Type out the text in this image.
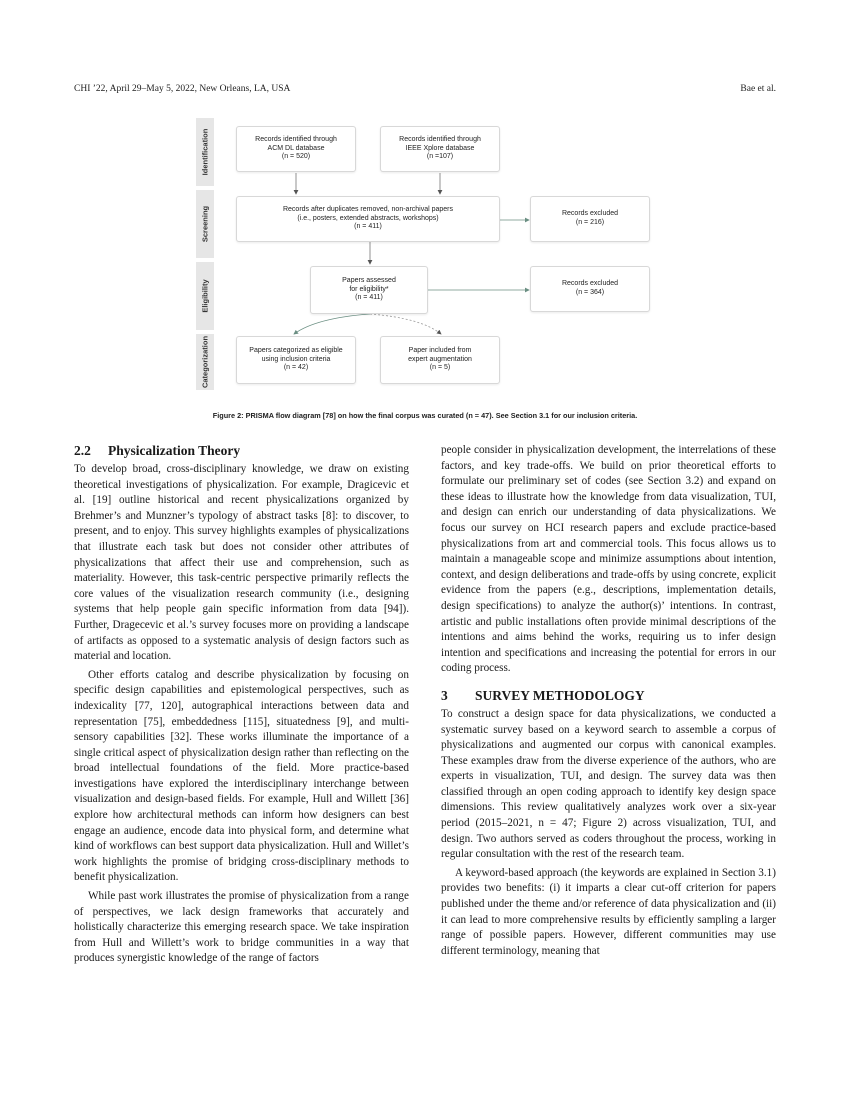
CHI ’22, April 29–May 5, 2022, New Orleans, LA, USA	Bae et al.
Identification
Screening
Eligibility
Categorization
Records identified through
ACM DL database
(n = 520)
Records identified through
IEEE Xplore database
(n =107)
Records after duplicates removed, non-archival papers
(i.e., posters, extended abstracts, workshops)
(n = 411)
Records excluded
(n = 216)
Papers assessed
for eligibility*
(n = 411)
Records excluded
(n = 364)
Papers categorized as eligible
using inclusion criteria
(n = 42)
Paper included from
expert augmentation
(n = 5)
Figure 2: PRISMA flow diagram [78] on how the final corpus was curated (n = 47). See Section 3.1 for our inclusion criteria.
2.2 Physicalization Theory

To develop broad, cross-disciplinary knowledge, we draw on existing theoretical investigations of physicalization. For example, Dragicevic et al. [19] outline historical and recent physicalizations organized by Brehmer’s and Munzner’s typology of abstract tasks [8]: to discover, to present, and to enjoy. This survey highlights examples of physicalizations that illustrate each task but does not consider other attributes of physicalizations that affect their use and comprehension, such as materiality. However, this task-centric perspective primarily reflects the core values of the visualization research community (i.e., designing systems that help people gain specific information from data [94]). Further, Dragecevic et al.’s survey focuses more on providing a landscape of artifacts as opposed to a systematic analysis of design factors such as material and location.

Other efforts catalog and describe physicalization by focusing on specific design capabilities and epistemological perspectives, such as indexicality [77, 120], autographical interactions between data and representation [75], embeddedness [115], situatedness [9], and multi-sensory capabilities [32]. These works illuminate the importance of a single critical aspect of physicalization design rather than reflecting on the broad intellectual foundations of the field. More practice-based investigations have explored the interdisciplinary interchange between visualization and design-based fields. For example, Hull and Willett [36] explore how architectural methods can inform how designers can best engage an audience, encode data into physical form, and determine what kind of workflows can best support data physicalization. Hull and Willet’s work highlights the promise of bridging cross-disciplinary methods to benefit physicalization.

While past work illustrates the promise of physicalization from a range of perspectives, we lack design frameworks that accurately and holistically characterize this emerging research space. We take inspiration from Hull and Willett’s work to bridge communities in a way that produces synergistic knowledge of the range of factors

people consider in physicalization development, the interrelations of these factors, and key trade-offs. We build on prior theoretical efforts to formulate our preliminary set of codes (see Section 3.2) and expand on these ideas to illustrate how the knowledge from data visualization, TUI, and design can enrich our understanding of data physicalizations. We focus our survey on HCI research papers and exclude practice-based physicalizations from art and commercial tools. This focus allows us to maintain a manageable scope and minimize assumptions about intention, context, and design deliberations and trade-offs by using concrete, explicit evidence from the papers (e.g., descriptions, implementation details, design specifications) to analyze the author(s)’ intentions. In contrast, artistic and public installations often provide minimal descriptions of the intentions and aims behind the works, requiring us to infer design intention and specifications and increasing the potential for errors in our coding process.

3 SURVEY METHODOLOGY

To construct a design space for data physicalizations, we conducted a systematic survey based on a keyword search to assemble a corpus of physicalizations and augmented our corpus with canonical examples. These examples draw from the diverse experience of the authors, who are experts in visualization, TUI, and design. The survey data was then classified through an open coding approach to identify key design space dimensions. This review qualitatively analyzes work over a six-year period (2015–2021, n = 47; Figure 2) across visualization, TUI, and design. Two authors served as coders throughout the process, working in regular consultation with the rest of the research team.

A keyword-based approach (the keywords are explained in Section 3.1) provides two benefits: (i) it imparts a clear cut-off criterion for papers published under the theme and/or reference of data physicalization and (ii) it can lead to more comprehensive results by efficiently sampling a larger range of possible papers. However, different communities may use different terminology, meaning that
